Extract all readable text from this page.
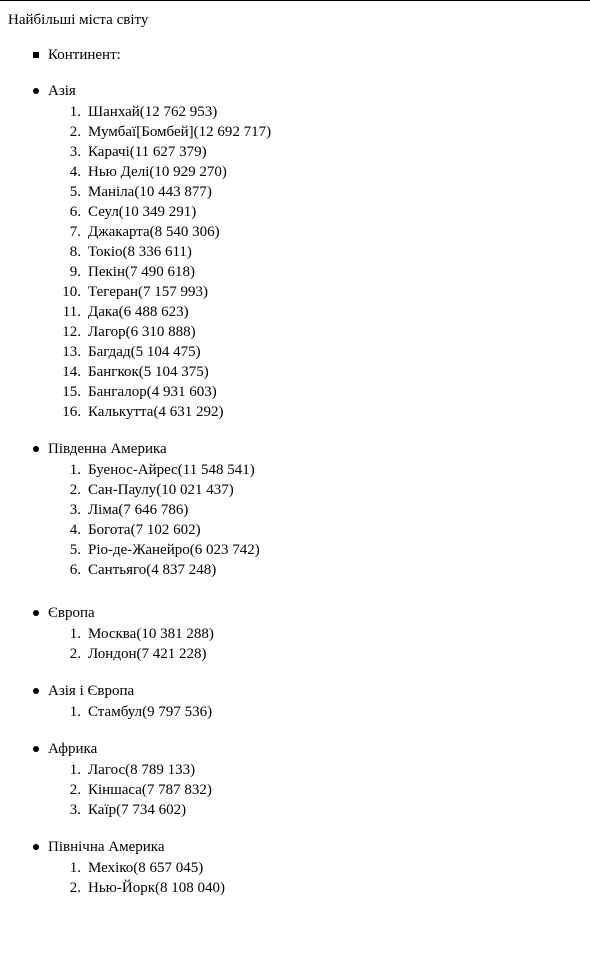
Найбільші міста світу
Континент:
Азія
1. Шанхай(12 762 953)
2. Мумбаї[Бомбей](12 692 717)
3. Карачі(11 627 379)
4. Нью Делі(10 929 270)
5. Маніла(10 443 877)
6. Сеул(10 349 291)
7. Джакарта(8 540 306)
8. Токіо(8 336 611)
9. Пекін(7 490 618)
10. Тегеран(7 157 993)
11. Дака(6 488 623)
12. Лагор(6 310 888)
13. Багдад(5 104 475)
14. Бангкок(5 104 375)
15. Бангалор(4 931 603)
16. Калькутта(4 631 292)
Південна Америка
1. Буенос-Айрес(11 548 541)
2. Сан-Паулу(10 021 437)
3. Ліма(7 646 786)
4. Богота(7 102 602)
5. Ріо-де-Жанейро(6 023 742)
6. Сантьяго(4 837 248)
Європа
1. Москва(10 381 288)
2. Лондон(7 421 228)
Азія і Європа
1. Стамбул(9 797 536)
Африка
1. Лагос(8 789 133)
2. Кіншаса(7 787 832)
3. Каїр(7 734 602)
Північна Америка
1. Мехіко(8 657 045)
2. Нью-Йорк(8 108 040)
